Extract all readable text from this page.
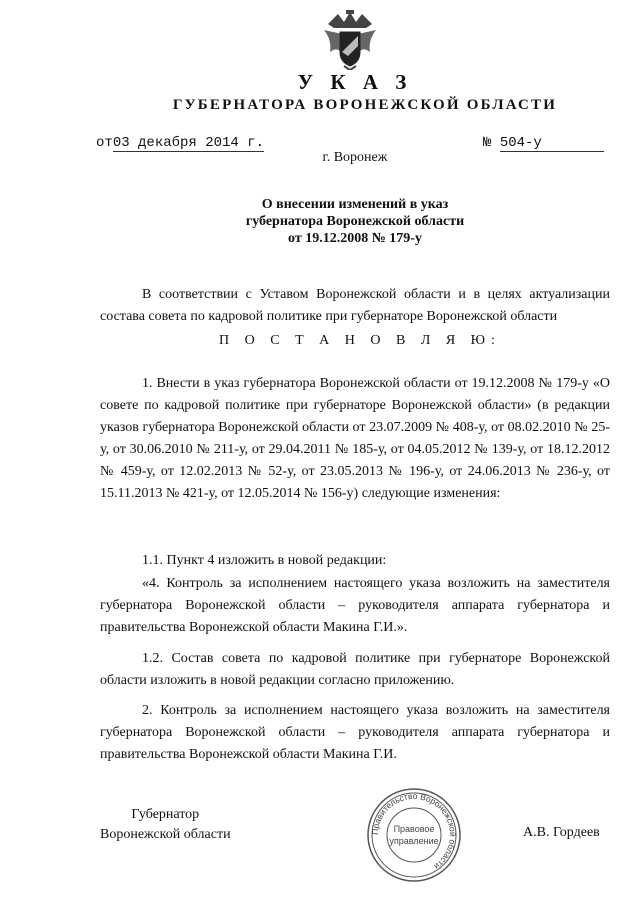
У К А З
ГУБЕРНАТОРА ВОРОНЕЖСКОЙ ОБЛАСТИ
от03 декабря 2014 г.	№ 504-у
г. Воронеж
О внесении изменений в указ
губернатора Воронежской области
от 19.12.2008 № 179-у
В соответствии с Уставом Воронежской области и в целях актуализации состава совета по кадровой политике при губернаторе Воронежской области
П О С Т А Н О В Л Я Ю:
1. Внести в указ губернатора Воронежской области от 19.12.2008 № 179-у «О совете по кадровой политике при губернаторе Воронежской области» (в редакции указов губернатора Воронежской области от 23.07.2009 № 408-у, от 08.02.2010 № 25-у, от 30.06.2010 № 211-у, от 29.04.2011 № 185-у, от 04.05.2012 № 139-у, от 18.12.2012 № 459-у, от 12.02.2013 № 52-у, от 23.05.2013 № 196-у, от 24.06.2013 № 236-у, от 15.11.2013 № 421-у, от 12.05.2014 № 156-у) следующие изменения:
1.1. Пункт 4 изложить в новой редакции:
«4. Контроль за исполнением настоящего указа возложить на заместителя губернатора Воронежской области – руководителя аппарата губернатора и правительства Воронежской области Макина Г.И.».
1.2. Состав совета по кадровой политике при губернаторе Воронежской области изложить в новой редакции согласно приложению.
2. Контроль за исполнением настоящего указа возложить на заместителя губернатора Воронежской области – руководителя аппарата губернатора и правительства Воронежской области Макина Г.И.
Губернатор
Воронежской области	А.В. Гордеев
Правительство Воронежской области
Правовое
управление
